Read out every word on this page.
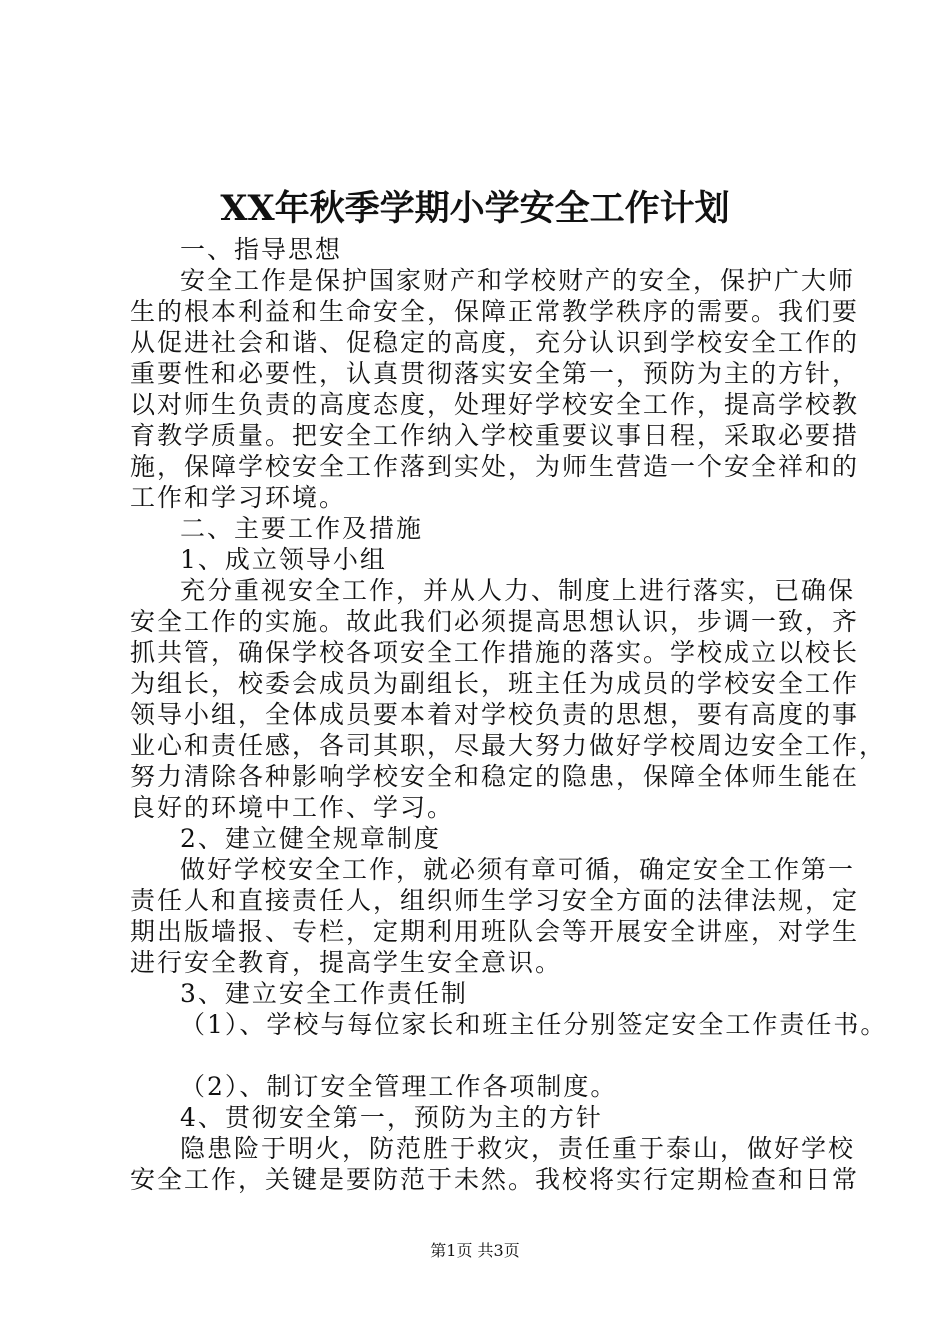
XX年秋季学期小学安全工作计划
一、指导思想
安全工作是保护国家财产和学校财产的安全，保护广大师
生的根本利益和生命安全，保障正常教学秩序的需要。我们要
从促进社会和谐、促稳定的高度，充分认识到学校安全工作的
重要性和必要性，认真贯彻落实安全第一，预防为主的方针，
以对师生负责的高度态度，处理好学校安全工作，提高学校教
育教学质量。把安全工作纳入学校重要议事日程，采取必要措
施，保障学校安全工作落到实处，为师生营造一个安全祥和的
工作和学习环境。
二、主要工作及措施
1、成立领导小组
充分重视安全工作，并从人力、制度上进行落实，已确保
安全工作的实施。故此我们必须提高思想认识，步调一致，齐
抓共管，确保学校各项安全工作措施的落实。学校成立以校长
为组长，校委会成员为副组长，班主任为成员的学校安全工作
领导小组，全体成员要本着对学校负责的思想，要有高度的事
业心和责任感，各司其职，尽最大努力做好学校周边安全工作，
努力清除各种影响学校安全和稳定的隐患，保障全体师生能在
良好的环境中工作、学习。
2、建立健全规章制度
做好学校安全工作，就必须有章可循，确定安全工作第一
责任人和直接责任人，组织师生学习安全方面的法律法规，定
期出版墙报、专栏，定期利用班队会等开展安全讲座，对学生
进行安全教育，提高学生安全意识。
3、建立安全工作责任制
（1）、学校与每位家长和班主任分别签定安全工作责任书。
（2）、制订安全管理工作各项制度。
4、贯彻安全第一，预防为主的方针
隐患险于明火，防范胜于救灾，责任重于泰山，做好学校
安全工作，关键是要防范于未然。我校将实行定期检查和日常
第1页 共3页
